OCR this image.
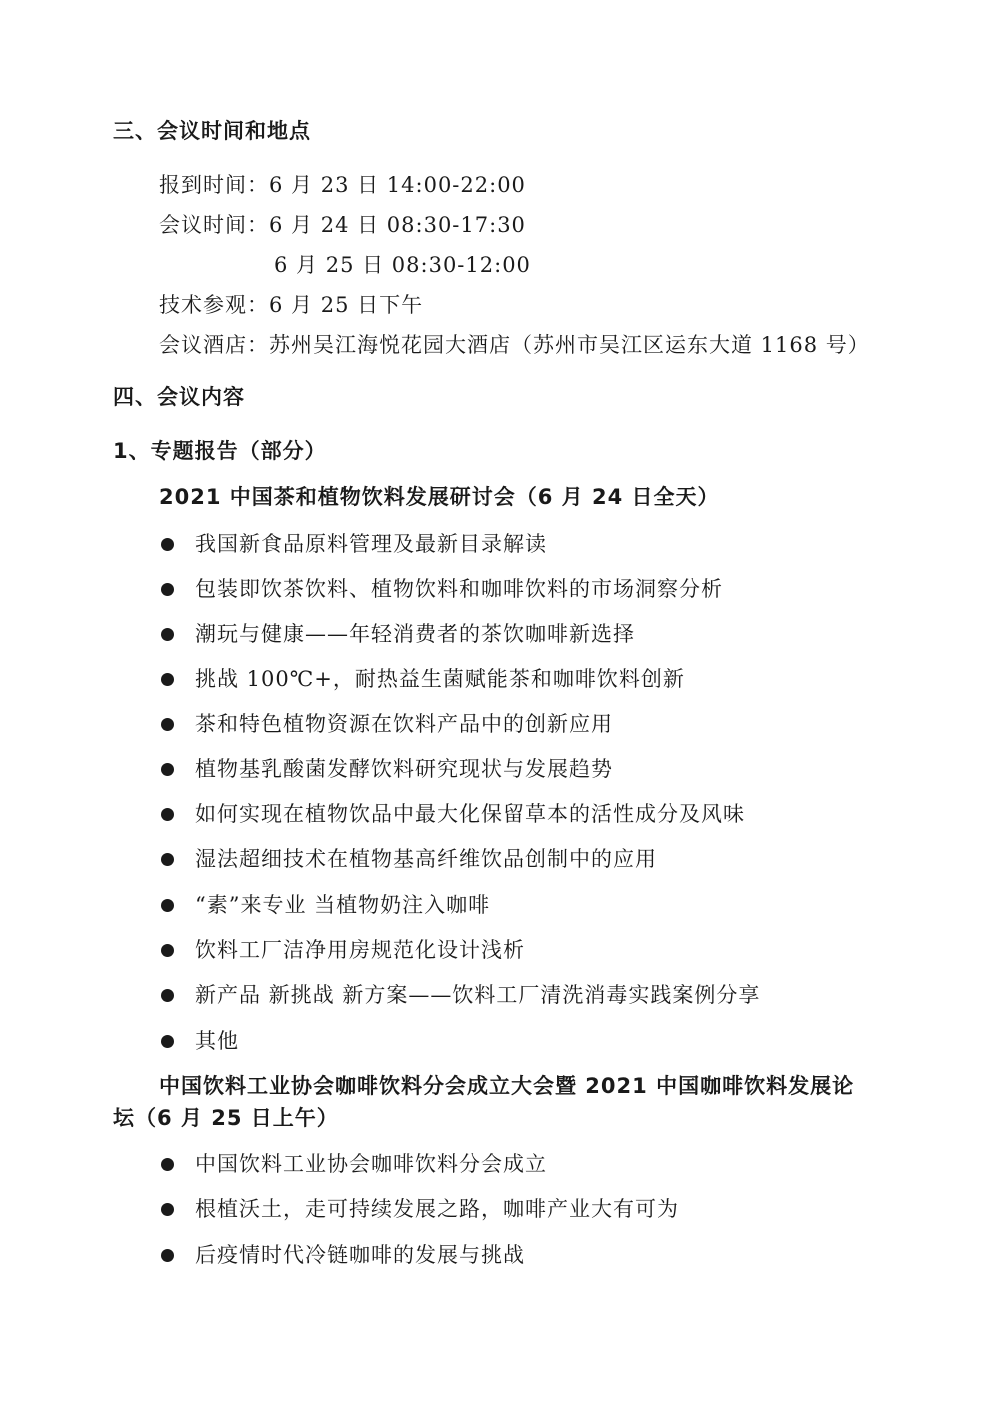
三、会议时间和地点
报到时间：6 月 23 日 14:00-22:00
会议时间：6 月 24 日 08:30-17:30
6 月 25 日 08:30-12:00
技术参观：6 月 25 日下午
会议酒店：苏州吴江海悦花园大酒店（苏州市吴江区运东大道 1168 号）
四、会议内容
1、专题报告（部分）
2021 中国茶和植物饮料发展研讨会（6 月 24 日全天）
我国新食品原料管理及最新目录解读
包装即饮茶饮料、植物饮料和咖啡饮料的市场洞察分析
潮玩与健康——年轻消费者的茶饮咖啡新选择
挑战 100℃+，耐热益生菌赋能茶和咖啡饮料创新
茶和特色植物资源在饮料产品中的创新应用
植物基乳酸菌发酵饮料研究现状与发展趋势
如何实现在植物饮品中最大化保留草本的活性成分及风味
湿法超细技术在植物基高纤维饮品创制中的应用
“素”来专业 当植物奶注入咖啡
饮料工厂洁净用房规范化设计浅析
新产品 新挑战 新方案——饮料工厂清洗消毒实践案例分享
其他
中国饮料工业协会咖啡饮料分会成立大会暨 2021 中国咖啡饮料发展论
坛（6 月 25 日上午）
中国饮料工业协会咖啡饮料分会成立
根植沃土，走可持续发展之路，咖啡产业大有可为
后疫情时代冷链咖啡的发展与挑战
